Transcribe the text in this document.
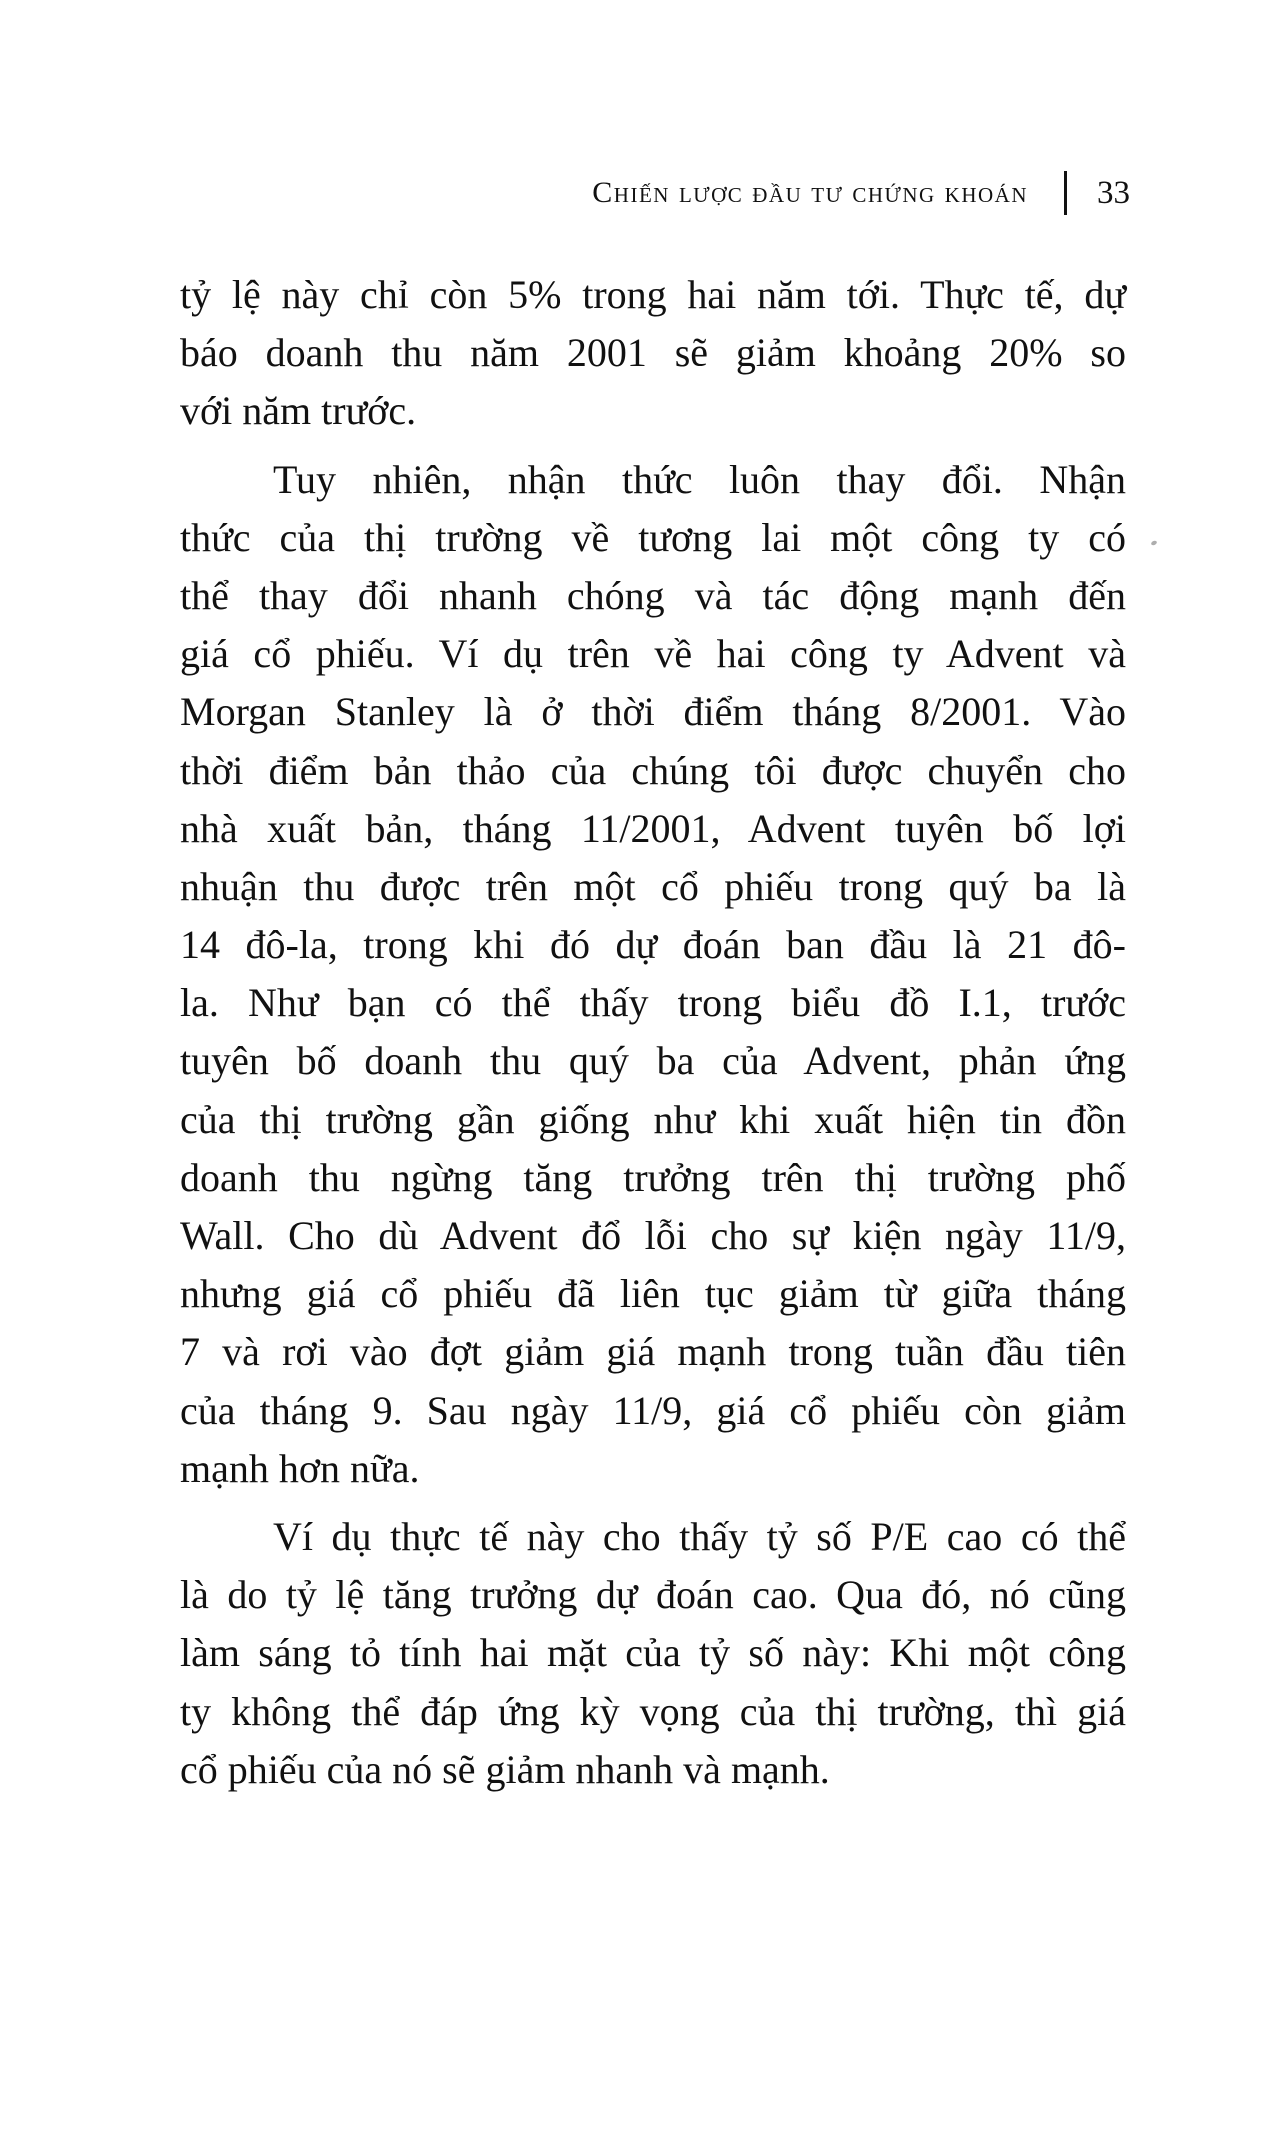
Chiến lược đầu tư chứng khoán 33
tỷ lệ này chỉ còn 5% trong hai năm tới. Thực tế, dự
báo doanh thu năm 2001 sẽ giảm khoảng 20% so
với năm trước.
Tuy nhiên, nhận thức luôn thay đổi. Nhận
thức của thị trường về tương lai một công ty có
thể thay đổi nhanh chóng và tác động mạnh đến
giá cổ phiếu. Ví dụ trên về hai công ty Advent và
Morgan Stanley là ở thời điểm tháng 8/2001. Vào
thời điểm bản thảo của chúng tôi được chuyển cho
nhà xuất bản, tháng 11/2001, Advent tuyên bố lợi
nhuận thu được trên một cổ phiếu trong quý ba là
14 đô-la, trong khi đó dự đoán ban đầu là 21 đô-
la. Như bạn có thể thấy trong biểu đồ I.1, trước
tuyên bố doanh thu quý ba của Advent, phản ứng
của thị trường gần giống như khi xuất hiện tin đồn
doanh thu ngừng tăng trưởng trên thị trường phố
Wall. Cho dù Advent đổ lỗi cho sự kiện ngày 11/9,
nhưng giá cổ phiếu đã liên tục giảm từ giữa tháng
7 và rơi vào đợt giảm giá mạnh trong tuần đầu tiên
của tháng 9. Sau ngày 11/9, giá cổ phiếu còn giảm
mạnh hơn nữa.
Ví dụ thực tế này cho thấy tỷ số P/E cao có thể
là do tỷ lệ tăng trưởng dự đoán cao. Qua đó, nó cũng
làm sáng tỏ tính hai mặt của tỷ số này: Khi một công
ty không thể đáp ứng kỳ vọng của thị trường, thì giá
cổ phiếu của nó sẽ giảm nhanh và mạnh.
